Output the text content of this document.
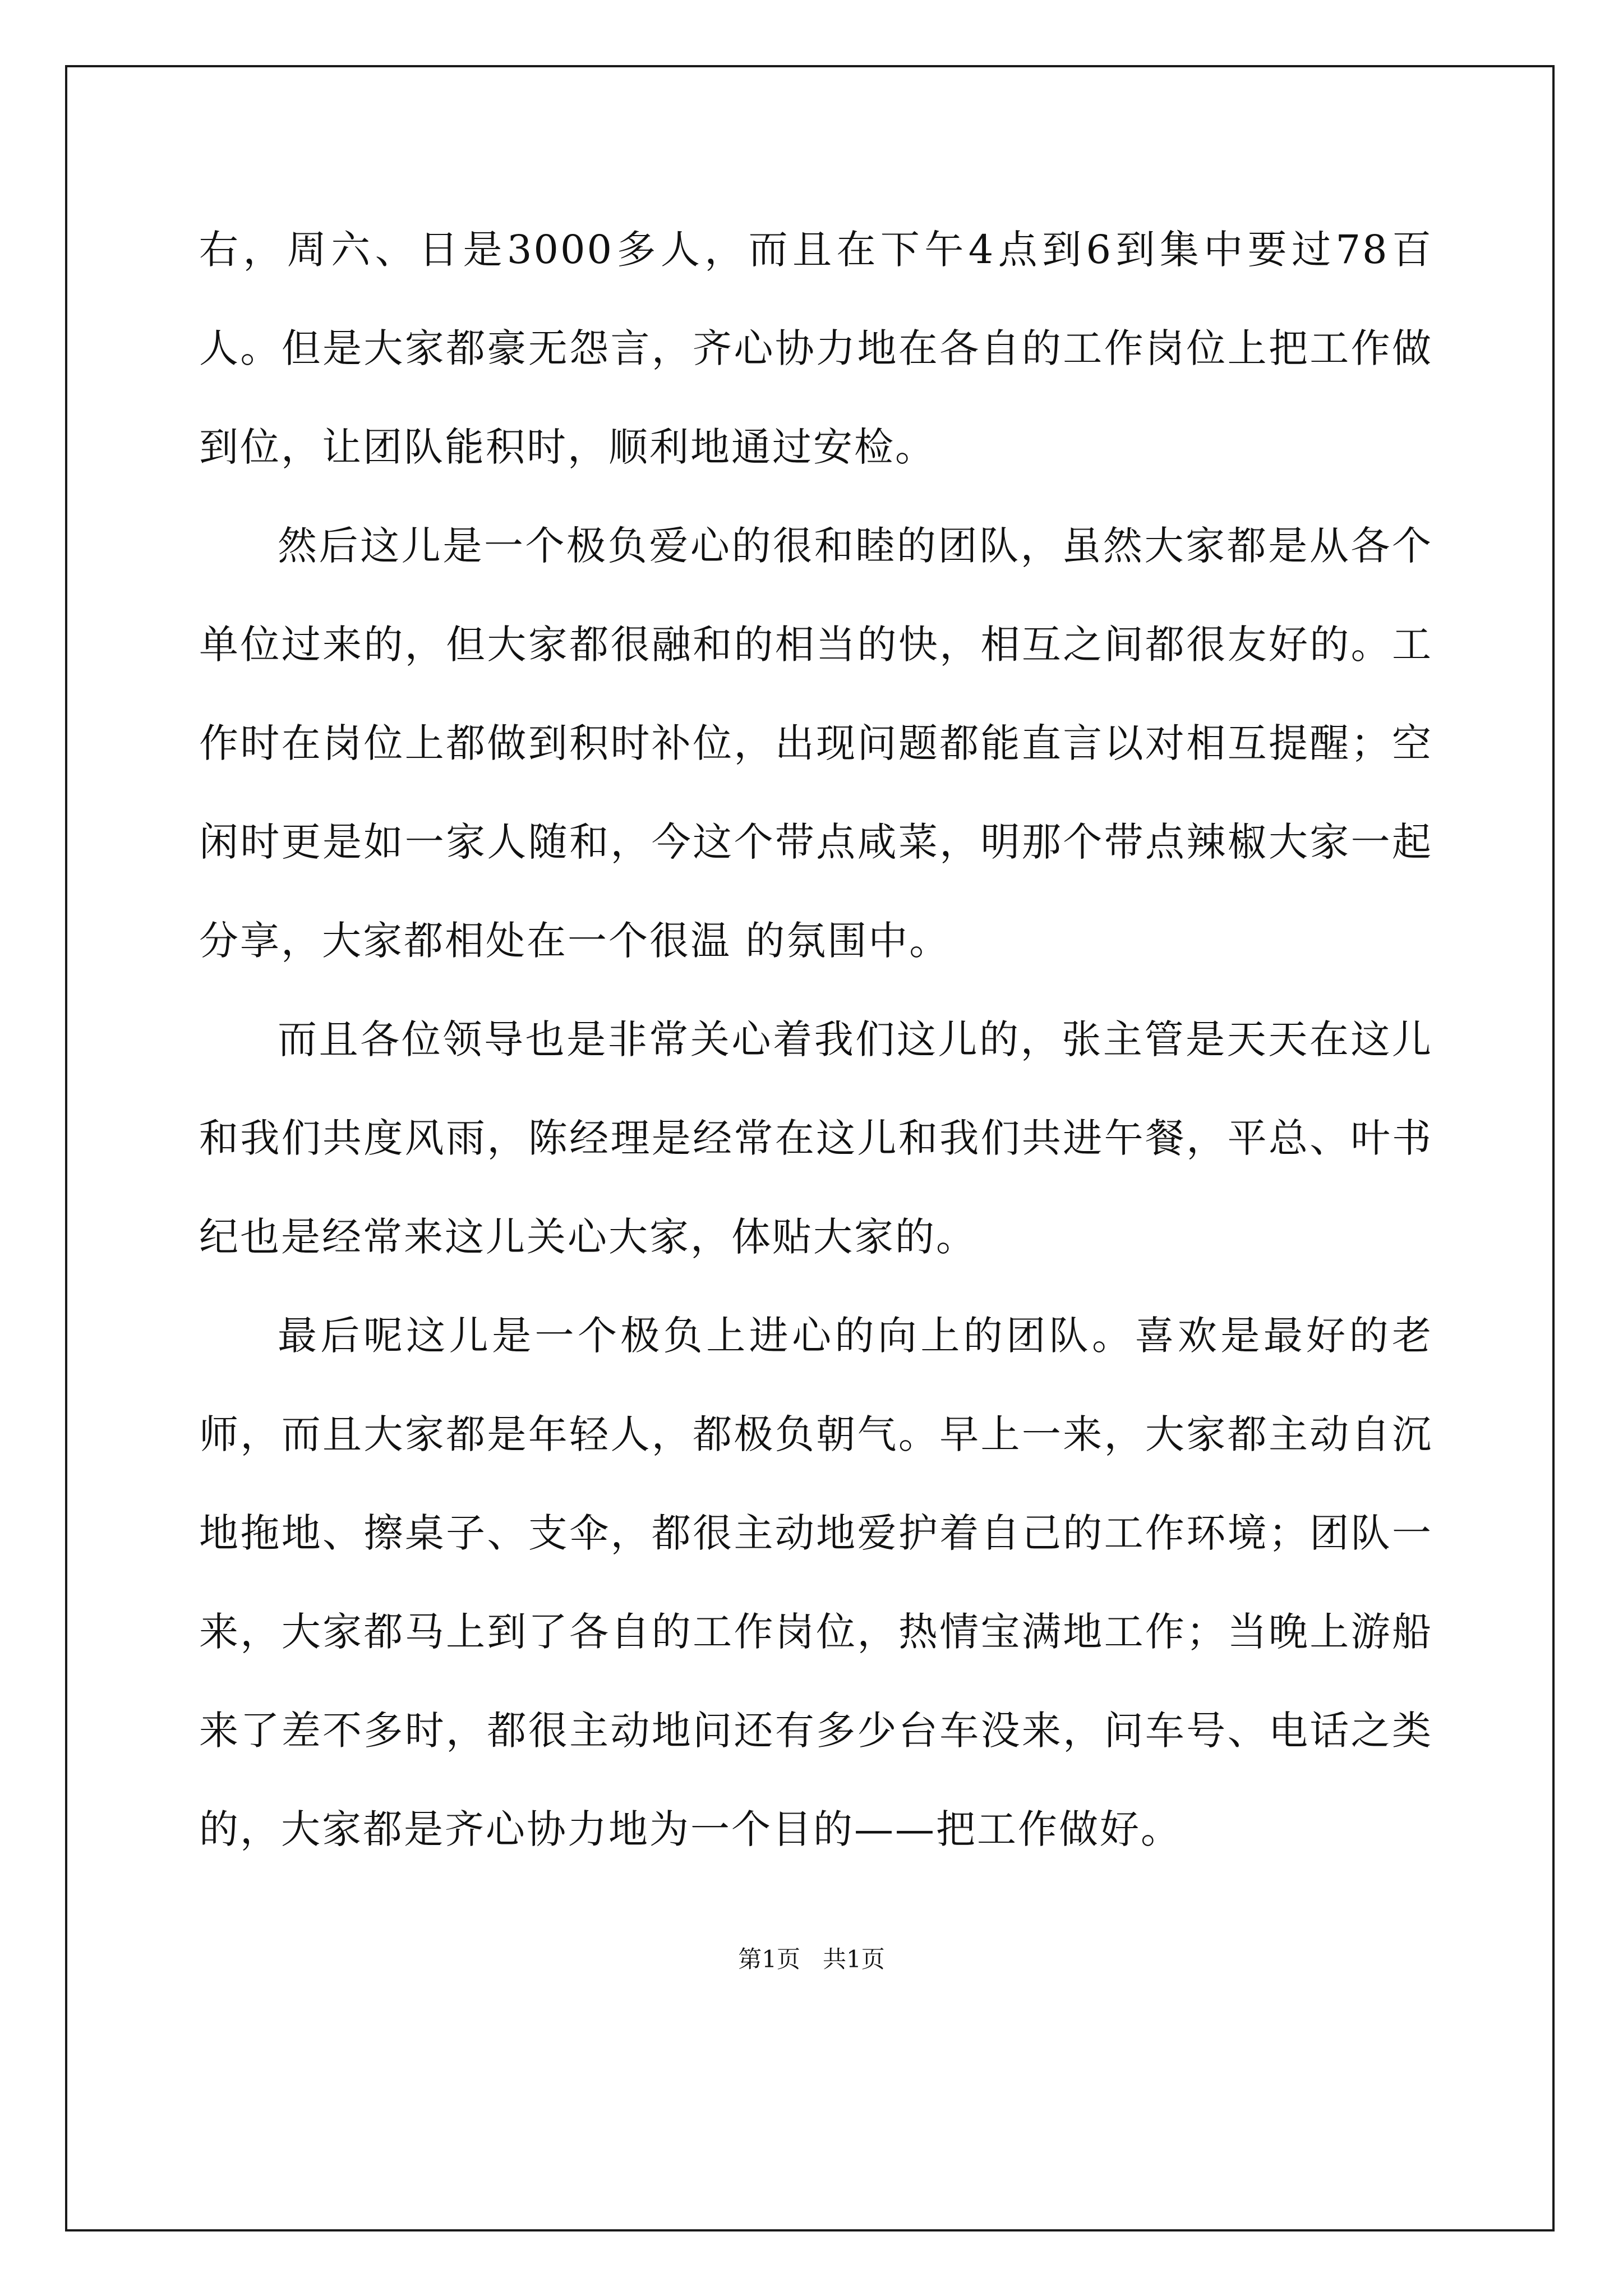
右，周六、日是3000多人，而且在下午4点到6到集中要过78百人。但是大家都豪无怨言，齐心协力地在各自的工作岗位上把工作做到位，让团队能积时，顺利地通过安检。

然后这儿是一个极负爱心的很和睦的团队，虽然大家都是从各个单位过来的，但大家都很融和的相当的快，相互之间都很友好的。工作时在岗位上都做到积时补位，出现问题都能直言以对相互提醒；空闲时更是如一家人随和，今这个带点咸菜，明那个带点辣椒大家一起分享，大家都相处在一个很温 的氛围中。

而且各位领导也是非常关心着我们这儿的，张主管是天天在这儿和我们共度风雨，陈经理是经常在这儿和我们共进午餐，平总、叶书纪也是经常来这儿关心大家，体贴大家的。

最后呢这儿是一个极负上进心的向上的团队。喜欢是最好的老师，而且大家都是年轻人，都极负朝气。早上一来，大家都主动自沉地拖地、擦桌子、支伞，都很主动地爱护着自己的工作环境；团队一来，大家都马上到了各自的工作岗位，热情宝满地工作；当晚上游船来了差不多时，都很主动地问还有多少台车没来，问车号、电话之类的，大家都是齐心协力地为一个目的——把工作做好。

第1页   共1页
